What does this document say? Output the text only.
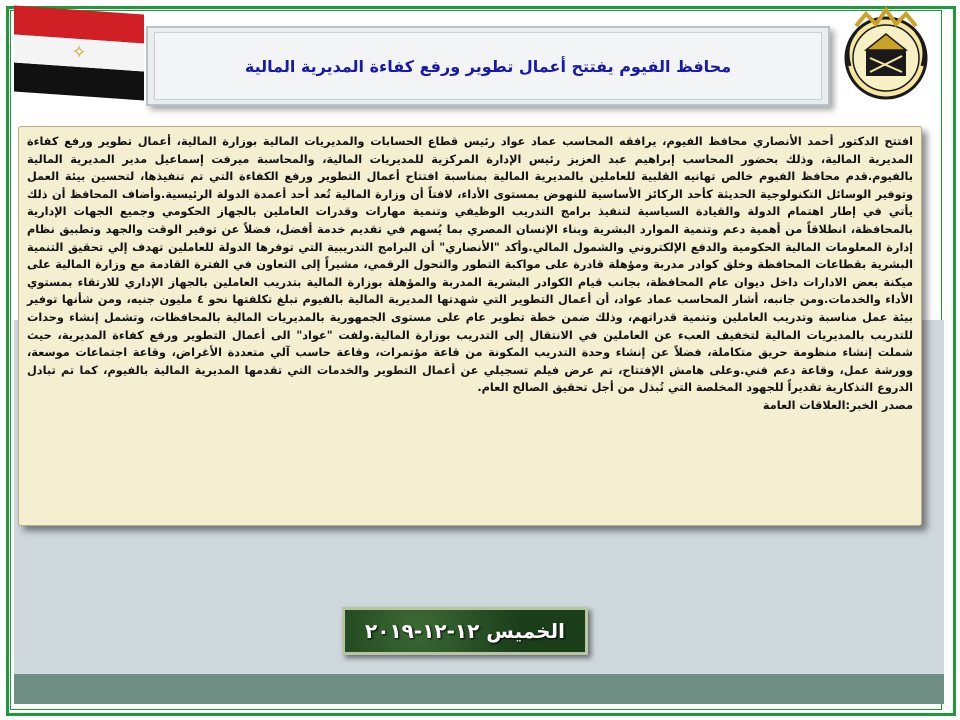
✧
محافظ الفيوم يفتتح أعمال تطوير ورفع كفاءة المديرية المالية

افتتح الدكتور أحمد الأنصاري محافظ الفيوم، يرافقه المحاسب عماد عواد رئيس قطاع الحسابات والمديريات المالية بوزارة المالية، أعمال تطوير ورفع كفاءة المديرية المالية، وذلك بحضور المحاسب إبراهيم عبد العزيز رئيس الإدارة المركزية للمديريات المالية، والمحاسبة ميرفت إسماعيل مدير المديرية المالية بالفيوم.قدم محافظ الفيوم خالص تهانيه القلبية للعاملين بالمديرية المالية بمناسبة افتتاح أعمال التطوير ورفع الكفاءة التي تم تنفيذها، لتحسين بيئة العمل وتوفير الوسائل التكنولوجية الحديثة كأحد الركائز الأساسية للنهوض بمستوى الأداء، لافتاً أن وزارة المالية تُعد أحد أعمدة الدولة الرئيسية.وأضاف المحافظ أن ذلك يأتي في إطار اهتمام الدولة والقيادة السياسية لتنفيذ برامج التدريب الوظيفي وتنمية مهارات وقدرات العاملين بالجهاز الحكومي وجميع الجهات الإدارية بالمحافظة، انطلاقاً من أهمية دعم وتنمية الموارد البشرية وبناء الإنسان المصري بما يُسهم في تقديم خدمة أفضل، فضلاً عن توفير الوقت والجهد وتطبيق نظام إدارة المعلومات المالية الحكومية والدفع الإلكتروني والشمول المالي.وأكد "الأنصاري" أن البرامج التدريبية التي توفرها الدولة للعاملين تهدف إلي تحقيق التنمية البشرية بقطاعات المحافظة وخلق كوادر مدربة ومؤهلة قادرة على مواكبة التطور والتحول الرقمي، مشيراً إلى التعاون في الفترة القادمة مع وزارة المالية على ميكنة بعض الادارات داخل ديوان عام المحافظة، بجانب قيام الكوادر البشرية المدربة والمؤهلة بوزارة المالية بتدريب العاملين بالجهاز الإداري للارتقاء بمستوي الأداء والخدمات.ومن جانبه، أشار المحاسب عماد عواد، أن أعمال التطوير التي شهدتها المديرية المالية بالفيوم تبلغ تكلفتها نحو ٤ مليون جنيه، ومن شأنها توفير بيئة عمل مناسبة وتدريب العاملين وتنمية قدراتهم، وذلك ضمن خطة تطوير عام على مستوى الجمهورية بالمديريات المالية بالمحافظات، وتشمل إنشاء وحدات للتدريب بالمديريات المالية لتخفيف العبء عن العاملين في الانتقال إلى التدريب بوزارة المالية.ولفت "عواد" الى أعمال التطوير ورفع كفاءة المديرية، حيث شملت إنشاء منظومة حريق متكاملة، فضلاً عن إنشاء وحدة التدريب المكونة من قاعة مؤتمرات، وقاعة حاسب آلي متعددة الأغراض، وقاعة اجتماعات موسعة، وورشة عمل، وقاعة دعم فني.وعلى هامش الإفتتاح، تم عرض فيلم تسجيلي عن أعمال التطوير والخدمات التي تقدمها المديرية المالية بالفيوم، كما تم تبادل الدروع التذكارية تقديراً للجهود المخلصة التي تُبذل من أجل تحقيق الصالح العام.

مصدر الخبر:العلاقات العامة

الخميس ١٢-١٢-٢٠١٩
